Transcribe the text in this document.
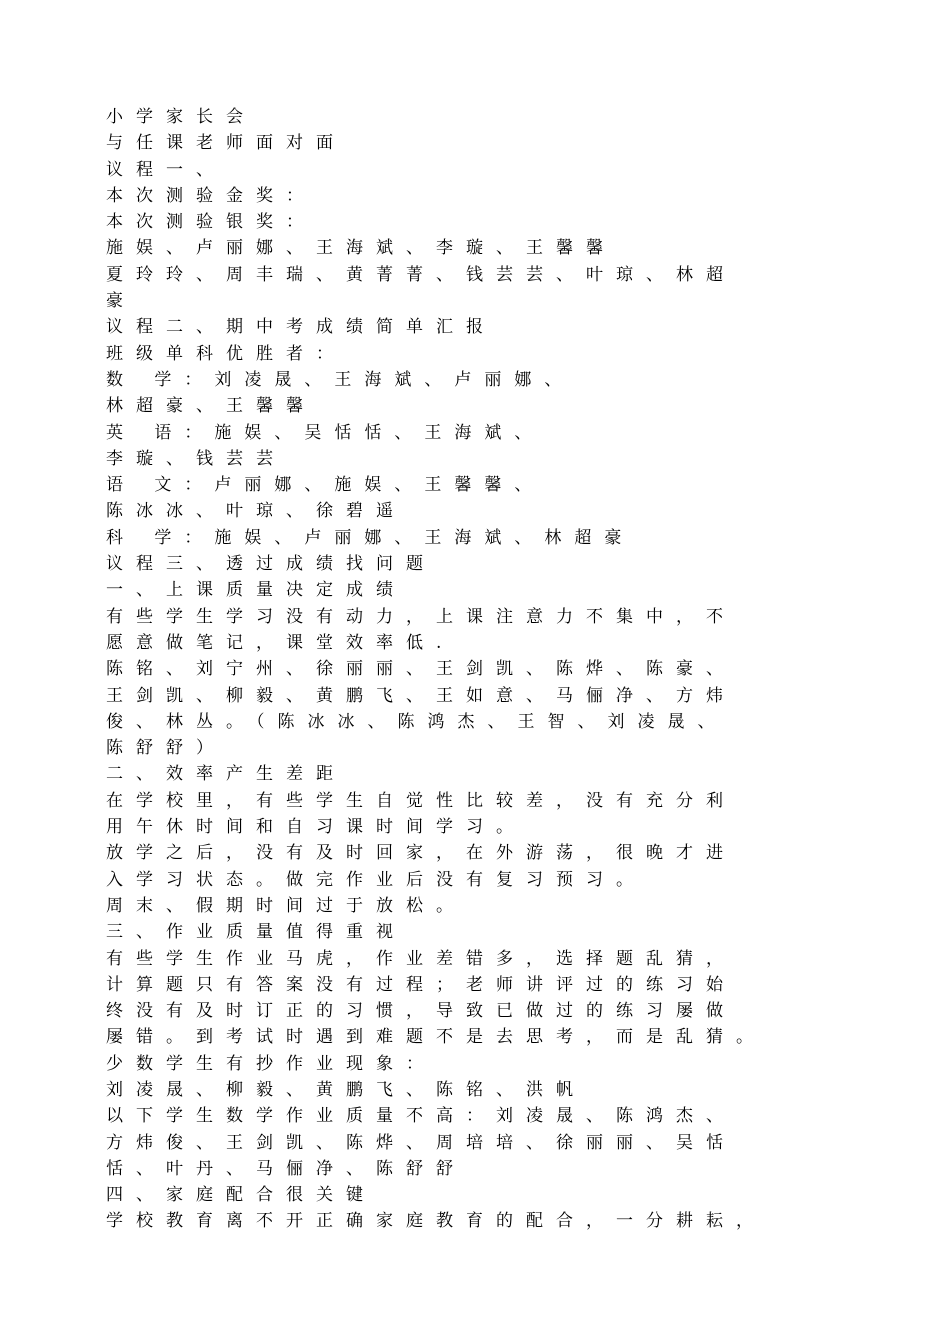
小学家长会
与任课老师面对面
议程一、
本次测验金奖：
本次测验银奖：
施娱、卢丽娜、王海斌、李璇、王馨馨
夏玲玲、周丰瑞、黄菁菁、钱芸芸、叶琼、林超
豪
议程二、期中考成绩简单汇报
班级单科优胜者：
数 学：刘凌晟、王海斌、卢丽娜、
林超豪、王馨馨
英 语：施娱、吴恬恬、王海斌、
李璇、钱芸芸
语 文：卢丽娜、施娱、王馨馨、
陈冰冰、叶琼、徐碧遥
科 学：施娱、卢丽娜、王海斌、林超豪
议程三、透过成绩找问题
一、上课质量决定成绩
有些学生学习没有动力，上课注意力不集中，不
愿意做笔记，课堂效率低.
陈铭、刘宁州、徐丽丽、王剑凯、陈烨、陈豪、
王剑凯、柳毅、黄鹏飞、王如意、马俪净、方炜
俊、林丛。（陈冰冰、陈鸿杰、王智、刘凌晟、
陈舒舒）
二、效率产生差距
在学校里，有些学生自觉性比较差，没有充分利
用午休时间和自习课时间学习。
放学之后，没有及时回家，在外游荡，很晚才进
入学习状态。做完作业后没有复习预习。
周末、假期时间过于放松。
三、作业质量值得重视
有些学生作业马虎，作业差错多，选择题乱猜，
计算题只有答案没有过程；老师讲评过的练习始
终没有及时订正的习惯，导致已做过的练习屡做
屡错。到考试时遇到难题不是去思考，而是乱猜。
少数学生有抄作业现象：
刘凌晟、柳毅、黄鹏飞、陈铭、洪帆
以下学生数学作业质量不高：刘凌晟、陈鸿杰、
方炜俊、王剑凯、陈烨、周培培、徐丽丽、吴恬
恬、叶丹、马俪净、陈舒舒
四、家庭配合很关键
学校教育离不开正确家庭教育的配合，一分耕耘，
